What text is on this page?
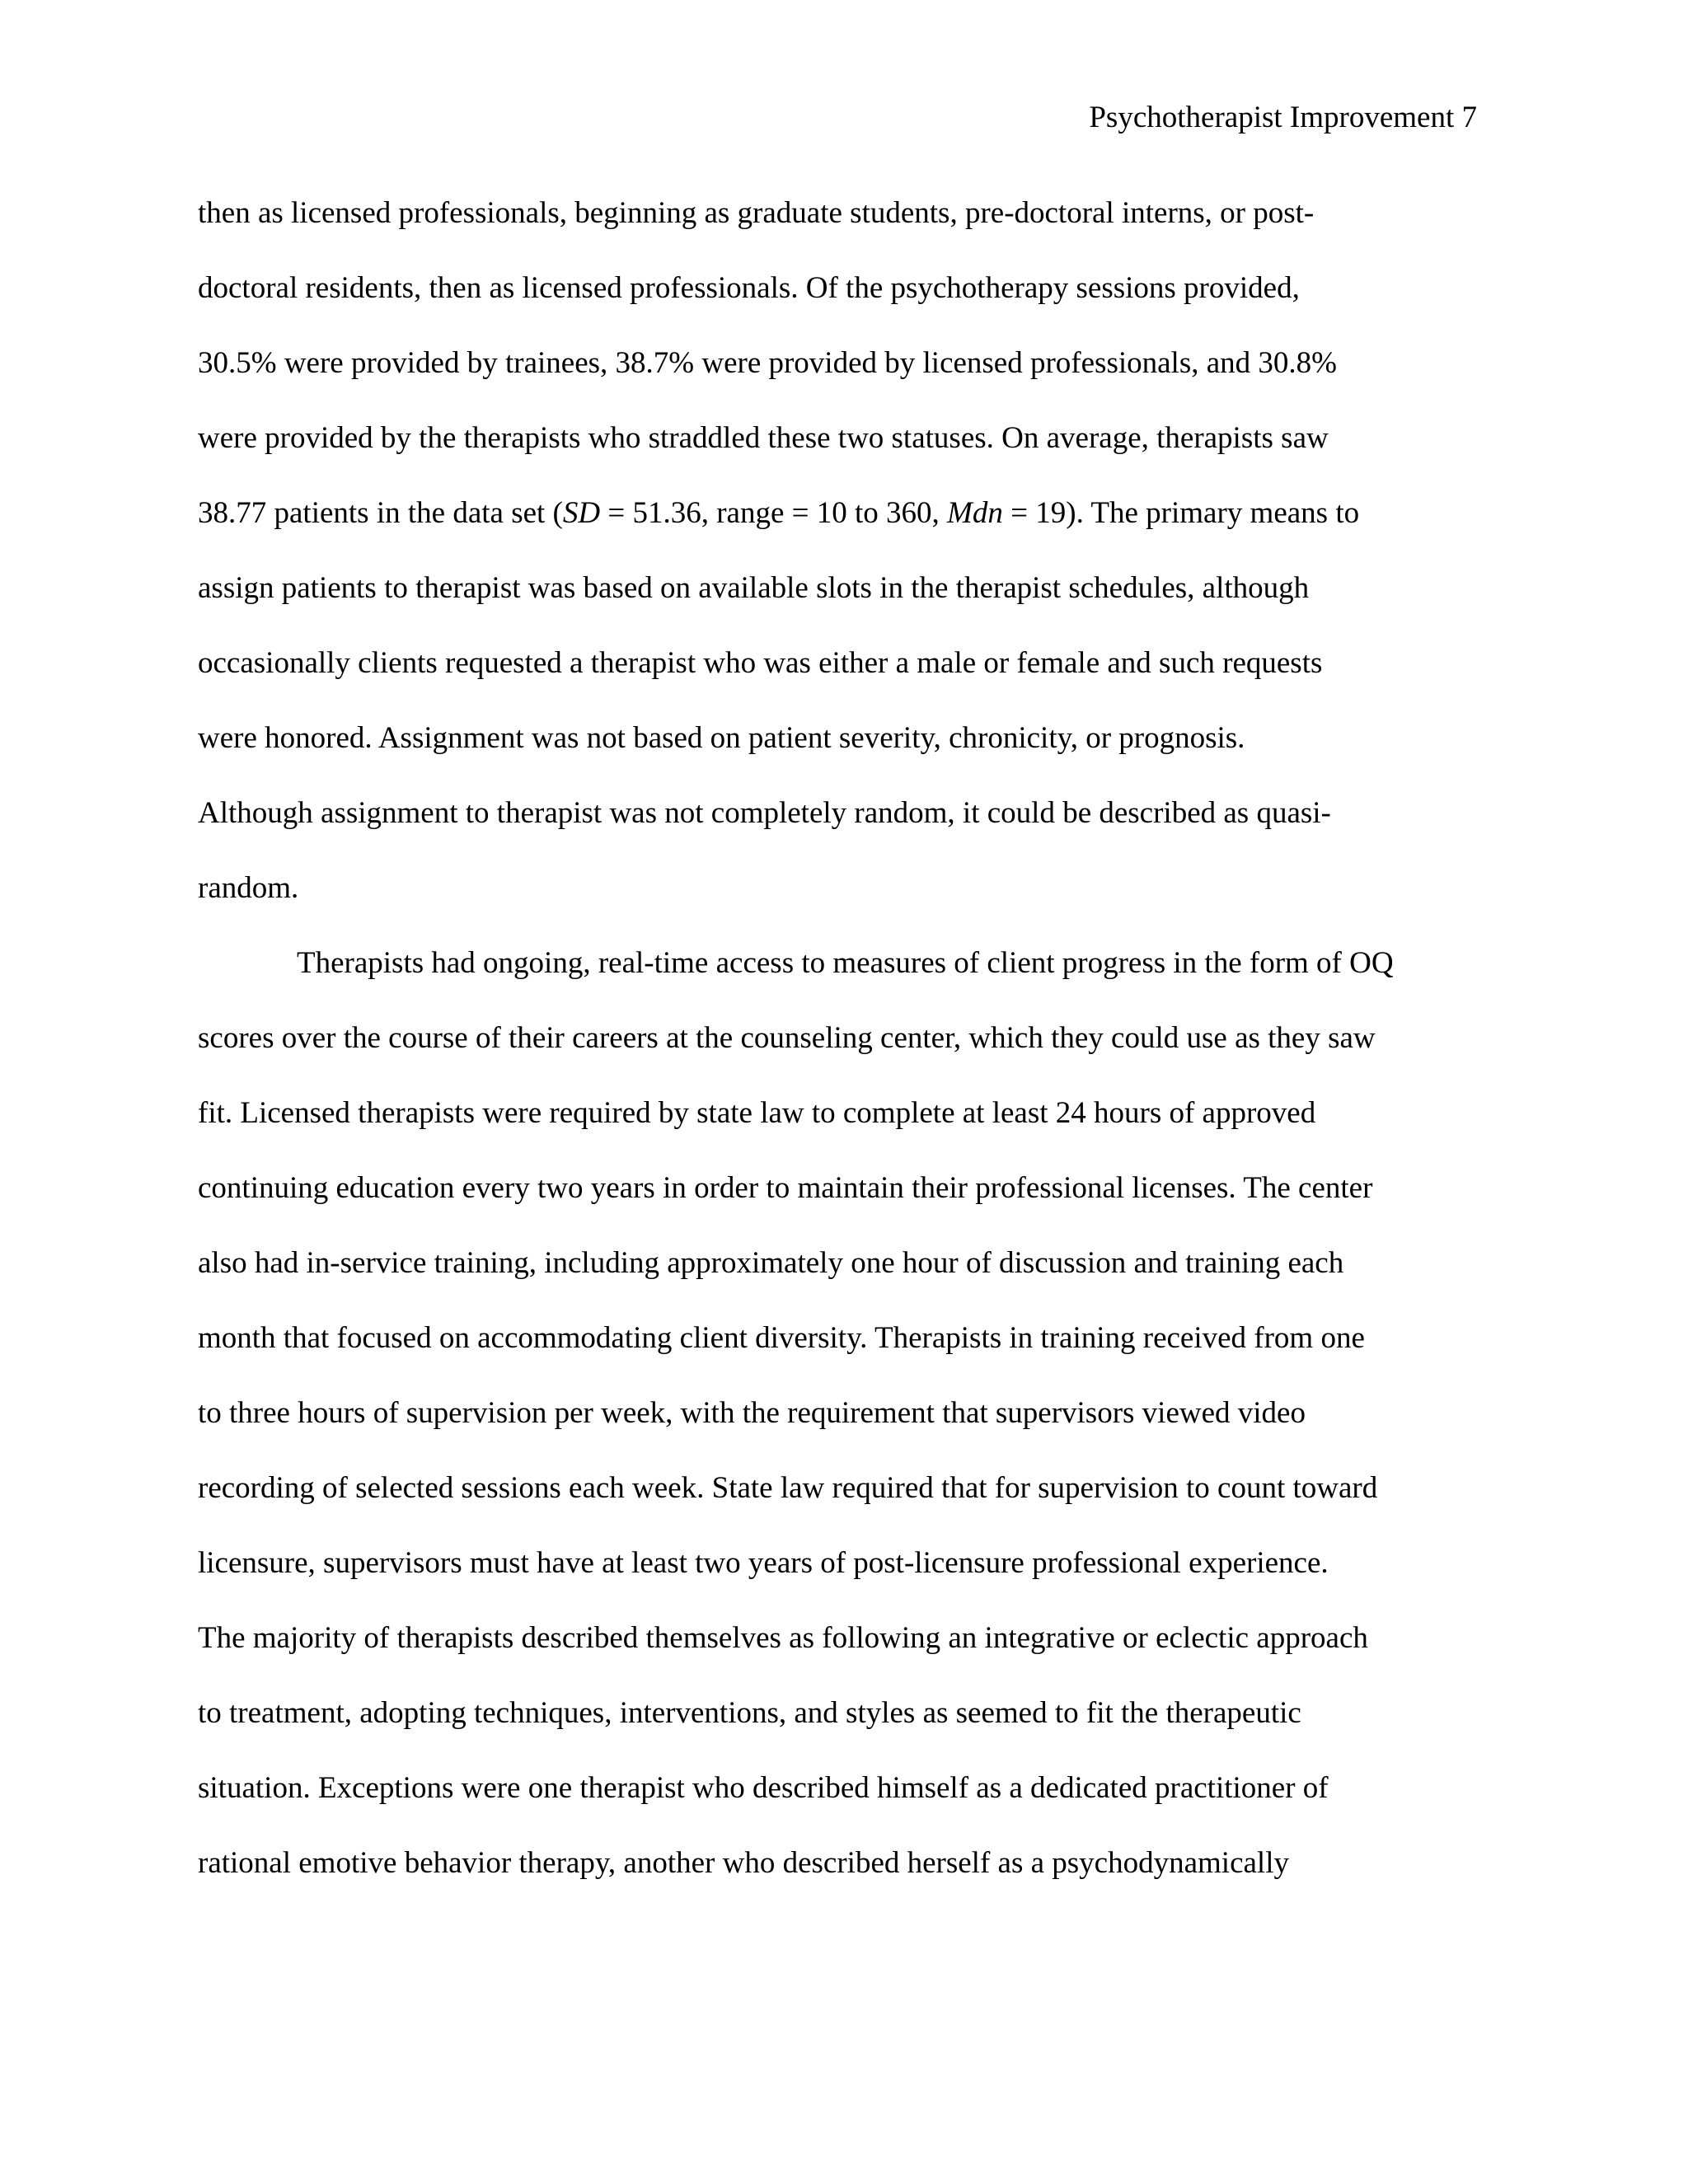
Psychotherapist Improvement 7
then as licensed professionals, beginning as graduate students, pre-doctoral interns, or post-
doctoral residents, then as licensed professionals. Of the psychotherapy sessions provided,
30.5% were provided by trainees, 38.7% were provided by licensed professionals, and 30.8%
were provided by the therapists who straddled these two statuses. On average, therapists saw
38.77 patients in the data set (SD = 51.36, range = 10 to 360, Mdn = 19). The primary means to
assign patients to therapist was based on available slots in the therapist schedules, although
occasionally clients requested a therapist who was either a male or female and such requests
were honored. Assignment was not based on patient severity, chronicity, or prognosis.
Although assignment to therapist was not completely random, it could be described as quasi-
random.
Therapists had ongoing, real-time access to measures of client progress in the form of OQ
scores over the course of their careers at the counseling center, which they could use as they saw
fit. Licensed therapists were required by state law to complete at least 24 hours of approved
continuing education every two years in order to maintain their professional licenses. The center
also had in-service training, including approximately one hour of discussion and training each
month that focused on accommodating client diversity. Therapists in training received from one
to three hours of supervision per week, with the requirement that supervisors viewed video
recording of selected sessions each week. State law required that for supervision to count toward
licensure, supervisors must have at least two years of post-licensure professional experience.
The majority of therapists described themselves as following an integrative or eclectic approach
to treatment, adopting techniques, interventions, and styles as seemed to fit the therapeutic
situation. Exceptions were one therapist who described himself as a dedicated practitioner of
rational emotive behavior therapy, another who described herself as a psychodynamically
